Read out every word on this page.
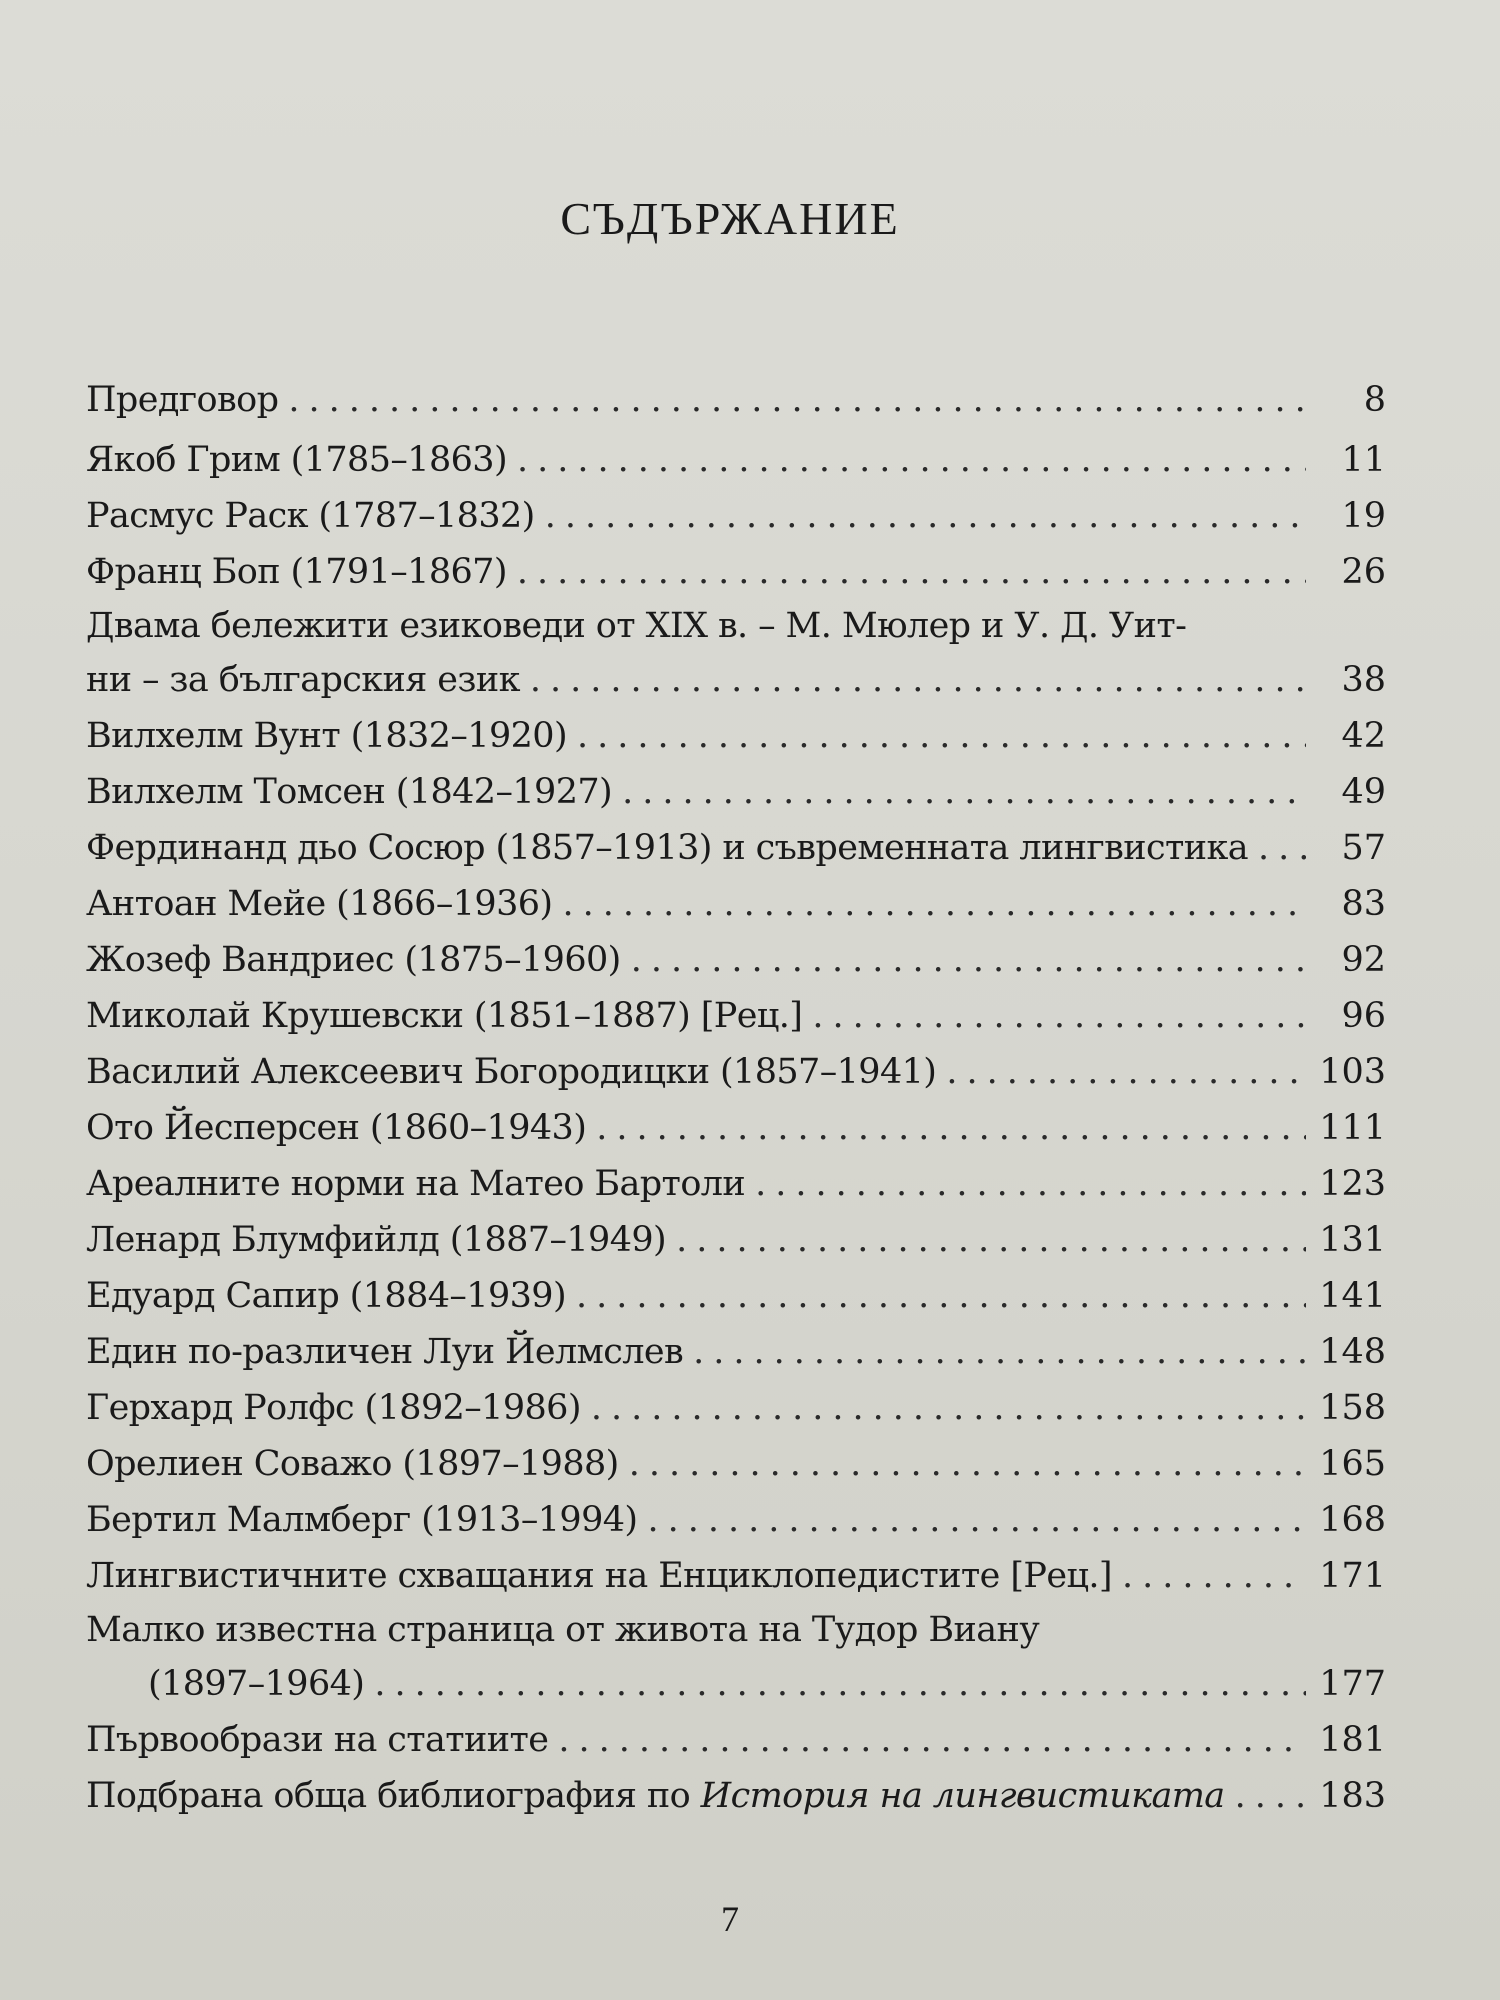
СЪДЪРЖАНИЕ
Предговор .....	8
Якоб Грим (1785–1863) .....	11
Расмус Раск (1787–1832) .....	19
Франц Боп (1791–1867) .....	26
Двама бележити езиковеди от XIX в. – М. Мюлер и У. Д. Уит-
ни – за българския език .....	38
Вилхелм Вунт (1832–1920) .....	42
Вилхелм Томсен (1842–1927) .....	49
Фердинанд дьо Сосюр (1857–1913) и съвременната лингвистика .....	57
Антоан Мейе (1866–1936) .....	83
Жозеф Вандриес (1875–1960) .....	92
Миколай Крушевски (1851–1887) [Рец.] .....	96
Василий Алексеевич Богородицки (1857–1941) .....	103
Ото Йесперсен (1860–1943) .....	111
Ареалните норми на Матео Бартоли .....	123
Ленард Блумфийлд (1887–1949) .....	131
Едуард Сапир (1884–1939) .....	141
Един по-различен Луи Йелмслев .....	148
Герхард Ролфс (1892–1986) .....	158
Орелиен Соважо (1897–1988) .....	165
Бертил Малмберг (1913–1994) .....	168
Лингвистичните схващания на Енциклопедистите [Рец.] .....	171
Малко известна страница от живота на Тудор Виану
(1897–1964) .....	177
Първообрази на статиите .....	181
Подбрана обща библиография по История на лингвистиката .....	183
7
